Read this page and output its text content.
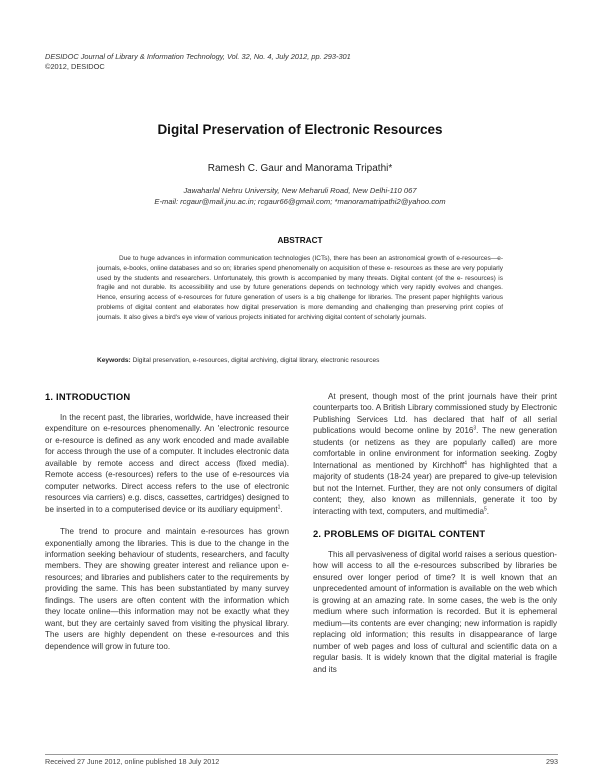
DESIDOC Journal of Library & Information Technology, Vol. 32, No. 4, July 2012, pp. 293-301
©2012, DESIDOC
Digital Preservation of Electronic Resources
Ramesh C. Gaur and Manorama Tripathi*
Jawaharlal Nehru University, New Meharuli Road, New Delhi-110 067
E-mail: rcgaur@mail.jnu.ac.in; rcgaur66@gmail.com; *manoramatripathi2@yahoo.com
ABSTRACT
Due to huge advances in information communication technologies (ICTs), there has been an astronomical growth of e-resources—e-journals, e-books, online databases and so on; libraries spend phenomenally on acquisition of these e- resources as these are very popularly used by the students and researchers. Unfortunately, this growth is accompanied by many threats. Digital content (of the e- resources) is fragile and not durable. Its accessibility and use by future generations depends on technology which very rapidly evolves and changes. Hence, ensuring access of e-resources for future generation of users is a big challenge for libraries. The present paper highlights various problems of digital content and elaborates how digital preservation is more demanding and challenging than preserving print copies of journals. It also gives a bird's eye view of various projects initiated for archiving digital content of scholarly journals.
Keywords: Digital preservation, e-resources, digital archiving, digital library, electronic resources
1. INTRODUCTION

In the recent past, the libraries, worldwide, have increased their expenditure on e-resources phenomenally. An 'electronic resource or e-resource is defined as any work encoded and made available for access through the use of a computer. It includes electronic data available by remote access and direct access (fixed media). Remote access (e-resources) refers to the use of e-resources via computer networks. Direct access refers to the use of electronic resources via carriers) e.g. discs, cassettes, cartridges) designed to be inserted in to a computerised device or its auxiliary equipment$^1$.

The trend to procure and maintain e-resources has grown exponentially among the libraries. This is due to the change in the information seeking behaviour of students, researchers, and faculty members. They are showing greater interest and reliance upon e- resources; and libraries and publishers cater to the requirements by providing the same. This has been substantiated by many survey findings. The users are often content with the information which they locate online—this information may not be exactly what they want, but they are certainly saved from visiting the physical library. The users are highly dependent on these e-resources and this dependence will grow in future too.

At present, though most of the print journals have their print counterparts too. A British Library commissioned study by Electronic Publishing Services Ltd. has declared that half of all serial publications would become online by 2016$^3$. The new generation students (or netizens as they are popularly called) are more comfortable in online environment for information seeking. Zogby International as mentioned by Kirchhoff$^4$ has highlighted that a majority of students (18-24 year) are prepared to give-up television but not the Internet. Further, they are not only consumers of digital content; they, also known as millennials, generate it too by interacting with text, computers, and multimedia$^5$.

2. PROBLEMS OF DIGITAL CONTENT

This all pervasiveness of digital world raises a serious question-how will access to all the e-resources subscribed by libraries be ensured over longer period of time? It is well known that an unprecedented amount of information is available on the web which is growing at an amazing rate. In some cases, the web is the only medium where such information is recorded. But it is ephemeral medium—its contents are ever changing; new information is rapidly replacing old information; this results in disappearance of large number of web pages and loss of cultural and scientific data on a regular basis. It is widely known that the digital material is fragile and its

Received 27 June 2012, online published 18 July 2012	293
